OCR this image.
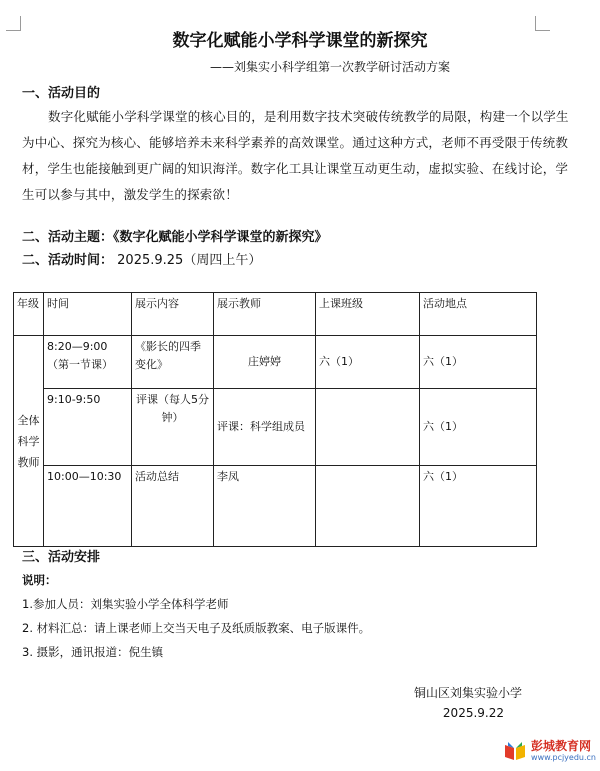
数字化赋能小学科学课堂的新探究
——刘集实小科学组第一次教学研讨活动方案
一、活动目的
数字化赋能小学科学课堂的核心目的，是利用数字技术突破传统教学的局限，构建一个以学生为中心、探究为核心、能够培养未来科学素养的高效课堂。通过这种方式，老师不再受限于传统教材，学生也能接触到更广阔的知识海洋。数字化工具让课堂互动更生动，虚拟实验、在线讨论，学生可以参与其中，激发学生的探索欲！
二、活动主题：《数字化赋能小学科学课堂的新探究》
二、活动时间： 2025.9.25（周四上午）
年级	时间	展示内容	展示教师	上课班级	活动地点
全体科学教师	8:20—9:00（第一节课）	《影长的四季变化》	庄婷婷	六（1）	六（1）
	9:10-9:50	评课（每人5分钟）	评课：科学组成员		六（1）
	10:00—10:30	活动总结	李凤		六（1）
三、活动安排
说明：
1.参加人员：刘集实验小学全体科学老师
2. 材料汇总：请上课老师上交当天电子及纸质版教案、电子版课件。
3. 摄影，通讯报道：倪生镇
铜山区刘集实验小学
2025.9.22
彭城教育网
www.pcjyedu.cn
